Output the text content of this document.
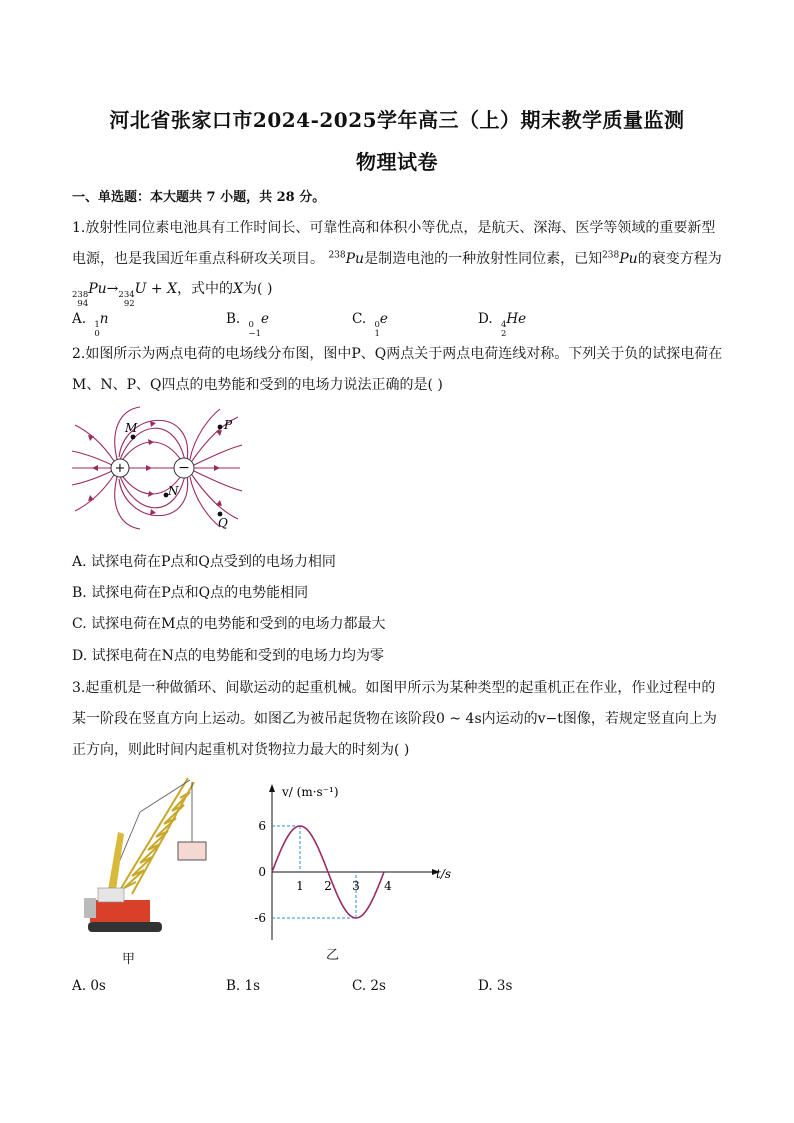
河北省张家口市2024-2025学年高三（上）期末教学质量监测
物理试卷
一、单选题：本大题共 7 小题，共 28 分。
1.放射性同位素电池具有工作时间长、可靠性高和体积小等优点，是航天、深海、医学等领域的重要新型
电源，也是我国近年重点科研攻关项目。 $^{238}$Pu是制造电池的一种放射性同位素，已知$^{238}$Pu的衰变方程为
238
94
Pu→ 234
92
U + X，式中的X为( )
A. 1
0
n	B. 0
−1
e	C. 0
1
e	D. 4
2
He
2.如图所示为两点电荷的电场线分布图，图中P、Q两点关于两点电荷连线对称。下列关于负的试探电荷在
M、N、P、Q四点的电势能和受到的电场力说法正确的是( )
+	−
M
N
P
Q
A. 试探电荷在P点和Q点受到的电场力相同
B. 试探电荷在P点和Q点的电势能相同
C. 试探电荷在M点的电势能和受到的电场力都最大
D. 试探电荷在N点的电势能和受到的电场力均为零
3.起重机是一种做循环、间歇运动的起重机械。如图甲所示为某种类型的起重机正在作业，作业过程中的
某一阶段在竖直方向上运动。如图乙为被吊起货物在该阶段0 ~ 4s内运动的v−t图像，若规定竖直向上为
正方向，则此时间内起重机对货物拉力最大的时刻为( )
甲
v/ (m·s⁻¹)
t/s
1 2 3 4
6
0
-6
乙
A. 0s	B. 1s	C. 2s	D. 3s
